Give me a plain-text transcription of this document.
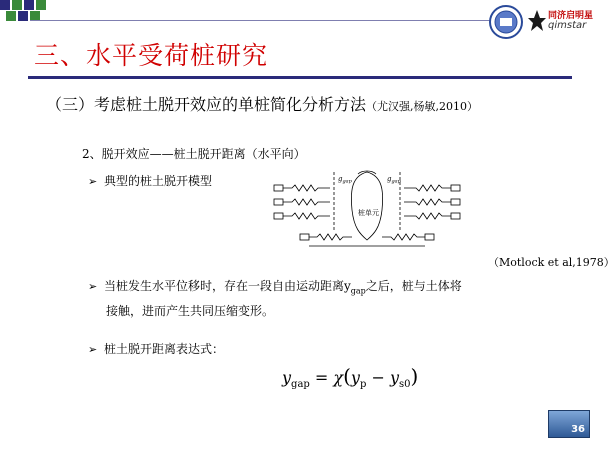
同济启明星
qimstar
三、水平受荷桩研究
（三）考虑桩土脱开效应的单桩简化分析方法（尤汉强,杨敏,2010）
2、脱开效应——桩土脱开距离（水平向）
➢ 典型的桩土脱开模型	$g_{gap}$	$g_{gap}$
桩单元
（Motlock et al,1978）
➢ 当桩发生水平位移时，存在一段自由运动距离$y_{gap}$之后，桩与土体将
接触，进而产生共同压缩变形。
➢ 桩土脱开距离表达式：
$y_{gap} = \chi(y_p - y_{s0})$
36
